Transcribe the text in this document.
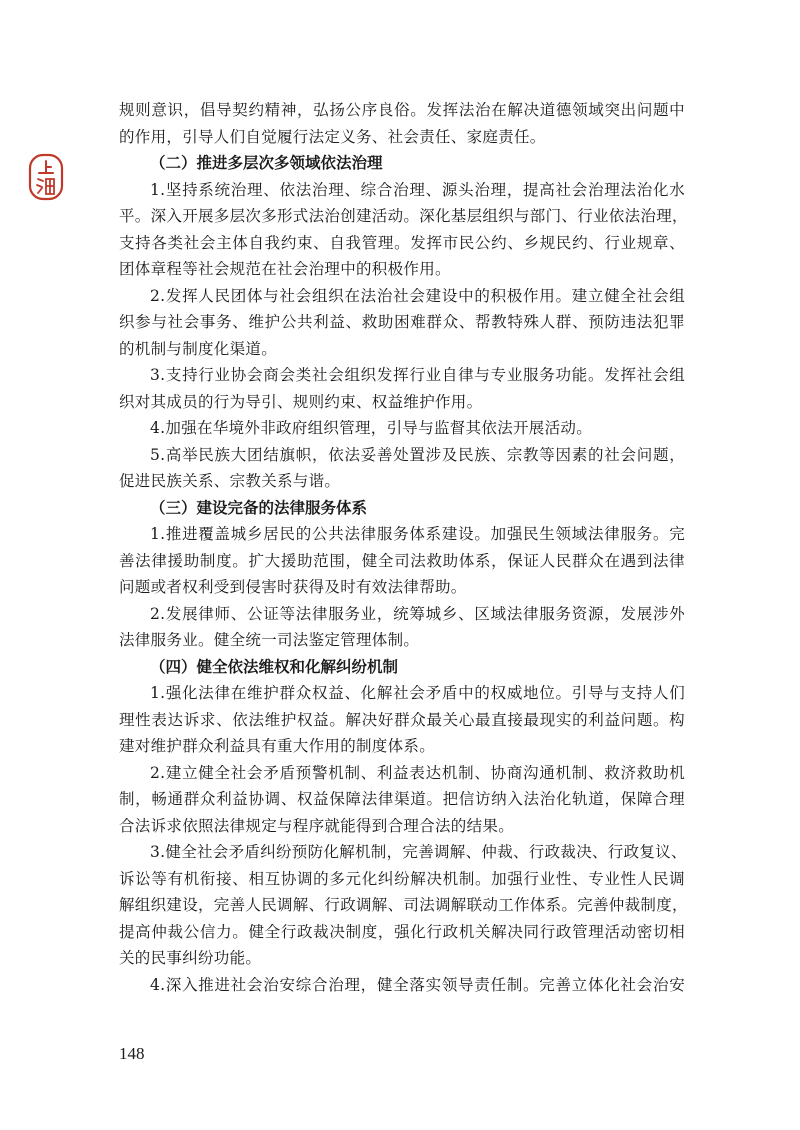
规则意识，倡导契约精神，弘扬公序良俗。发挥法治在解决道德领域突出问题中
的作用，引导人们自觉履行法定义务、社会责任、家庭责任。
（二）推进多层次多领域依法治理
1.坚持系统治理、依法治理、综合治理、源头治理，提高社会治理法治化水
平。深入开展多层次多形式法治创建活动。深化基层组织与部门、行业依法治理，
支持各类社会主体自我约束、自我管理。发挥市民公约、乡规民约、行业规章、
团体章程等社会规范在社会治理中的积极作用。
2.发挥人民团体与社会组织在法治社会建设中的积极作用。建立健全社会组
织参与社会事务、维护公共利益、救助困难群众、帮教特殊人群、预防违法犯罪
的机制与制度化渠道。
3.支持行业协会商会类社会组织发挥行业自律与专业服务功能。发挥社会组
织对其成员的行为导引、规则约束、权益维护作用。
4.加强在华境外非政府组织管理，引导与监督其依法开展活动。
5.高举民族大团结旗帜，依法妥善处置涉及民族、宗教等因素的社会问题，
促进民族关系、宗教关系与谐。
（三）建设完备的法律服务体系
1.推进覆盖城乡居民的公共法律服务体系建设。加强民生领域法律服务。完
善法律援助制度。扩大援助范围，健全司法救助体系，保证人民群众在遇到法律
问题或者权利受到侵害时获得及时有效法律帮助。
2.发展律师、公证等法律服务业，统筹城乡、区域法律服务资源，发展涉外
法律服务业。健全统一司法鉴定管理体制。
（四）健全依法维权和化解纠纷机制
1.强化法律在维护群众权益、化解社会矛盾中的权威地位。引导与支持人们
理性表达诉求、依法维护权益。解决好群众最关心最直接最现实的利益问题。构
建对维护群众利益具有重大作用的制度体系。
2.建立健全社会矛盾预警机制、利益表达机制、协商沟通机制、救济救助机
制，畅通群众利益协调、权益保障法律渠道。把信访纳入法治化轨道，保障合理
合法诉求依照法律规定与程序就能得到合理合法的结果。
3.健全社会矛盾纠纷预防化解机制，完善调解、仲裁、行政裁决、行政复议、
诉讼等有机衔接、相互协调的多元化纠纷解决机制。加强行业性、专业性人民调
解组织建设，完善人民调解、行政调解、司法调解联动工作体系。完善仲裁制度，
提高仲裁公信力。健全行政裁决制度，强化行政机关解决同行政管理活动密切相
关的民事纠纷功能。
4.深入推进社会治安综合治理，健全落实领导责任制。完善立体化社会治安
148
